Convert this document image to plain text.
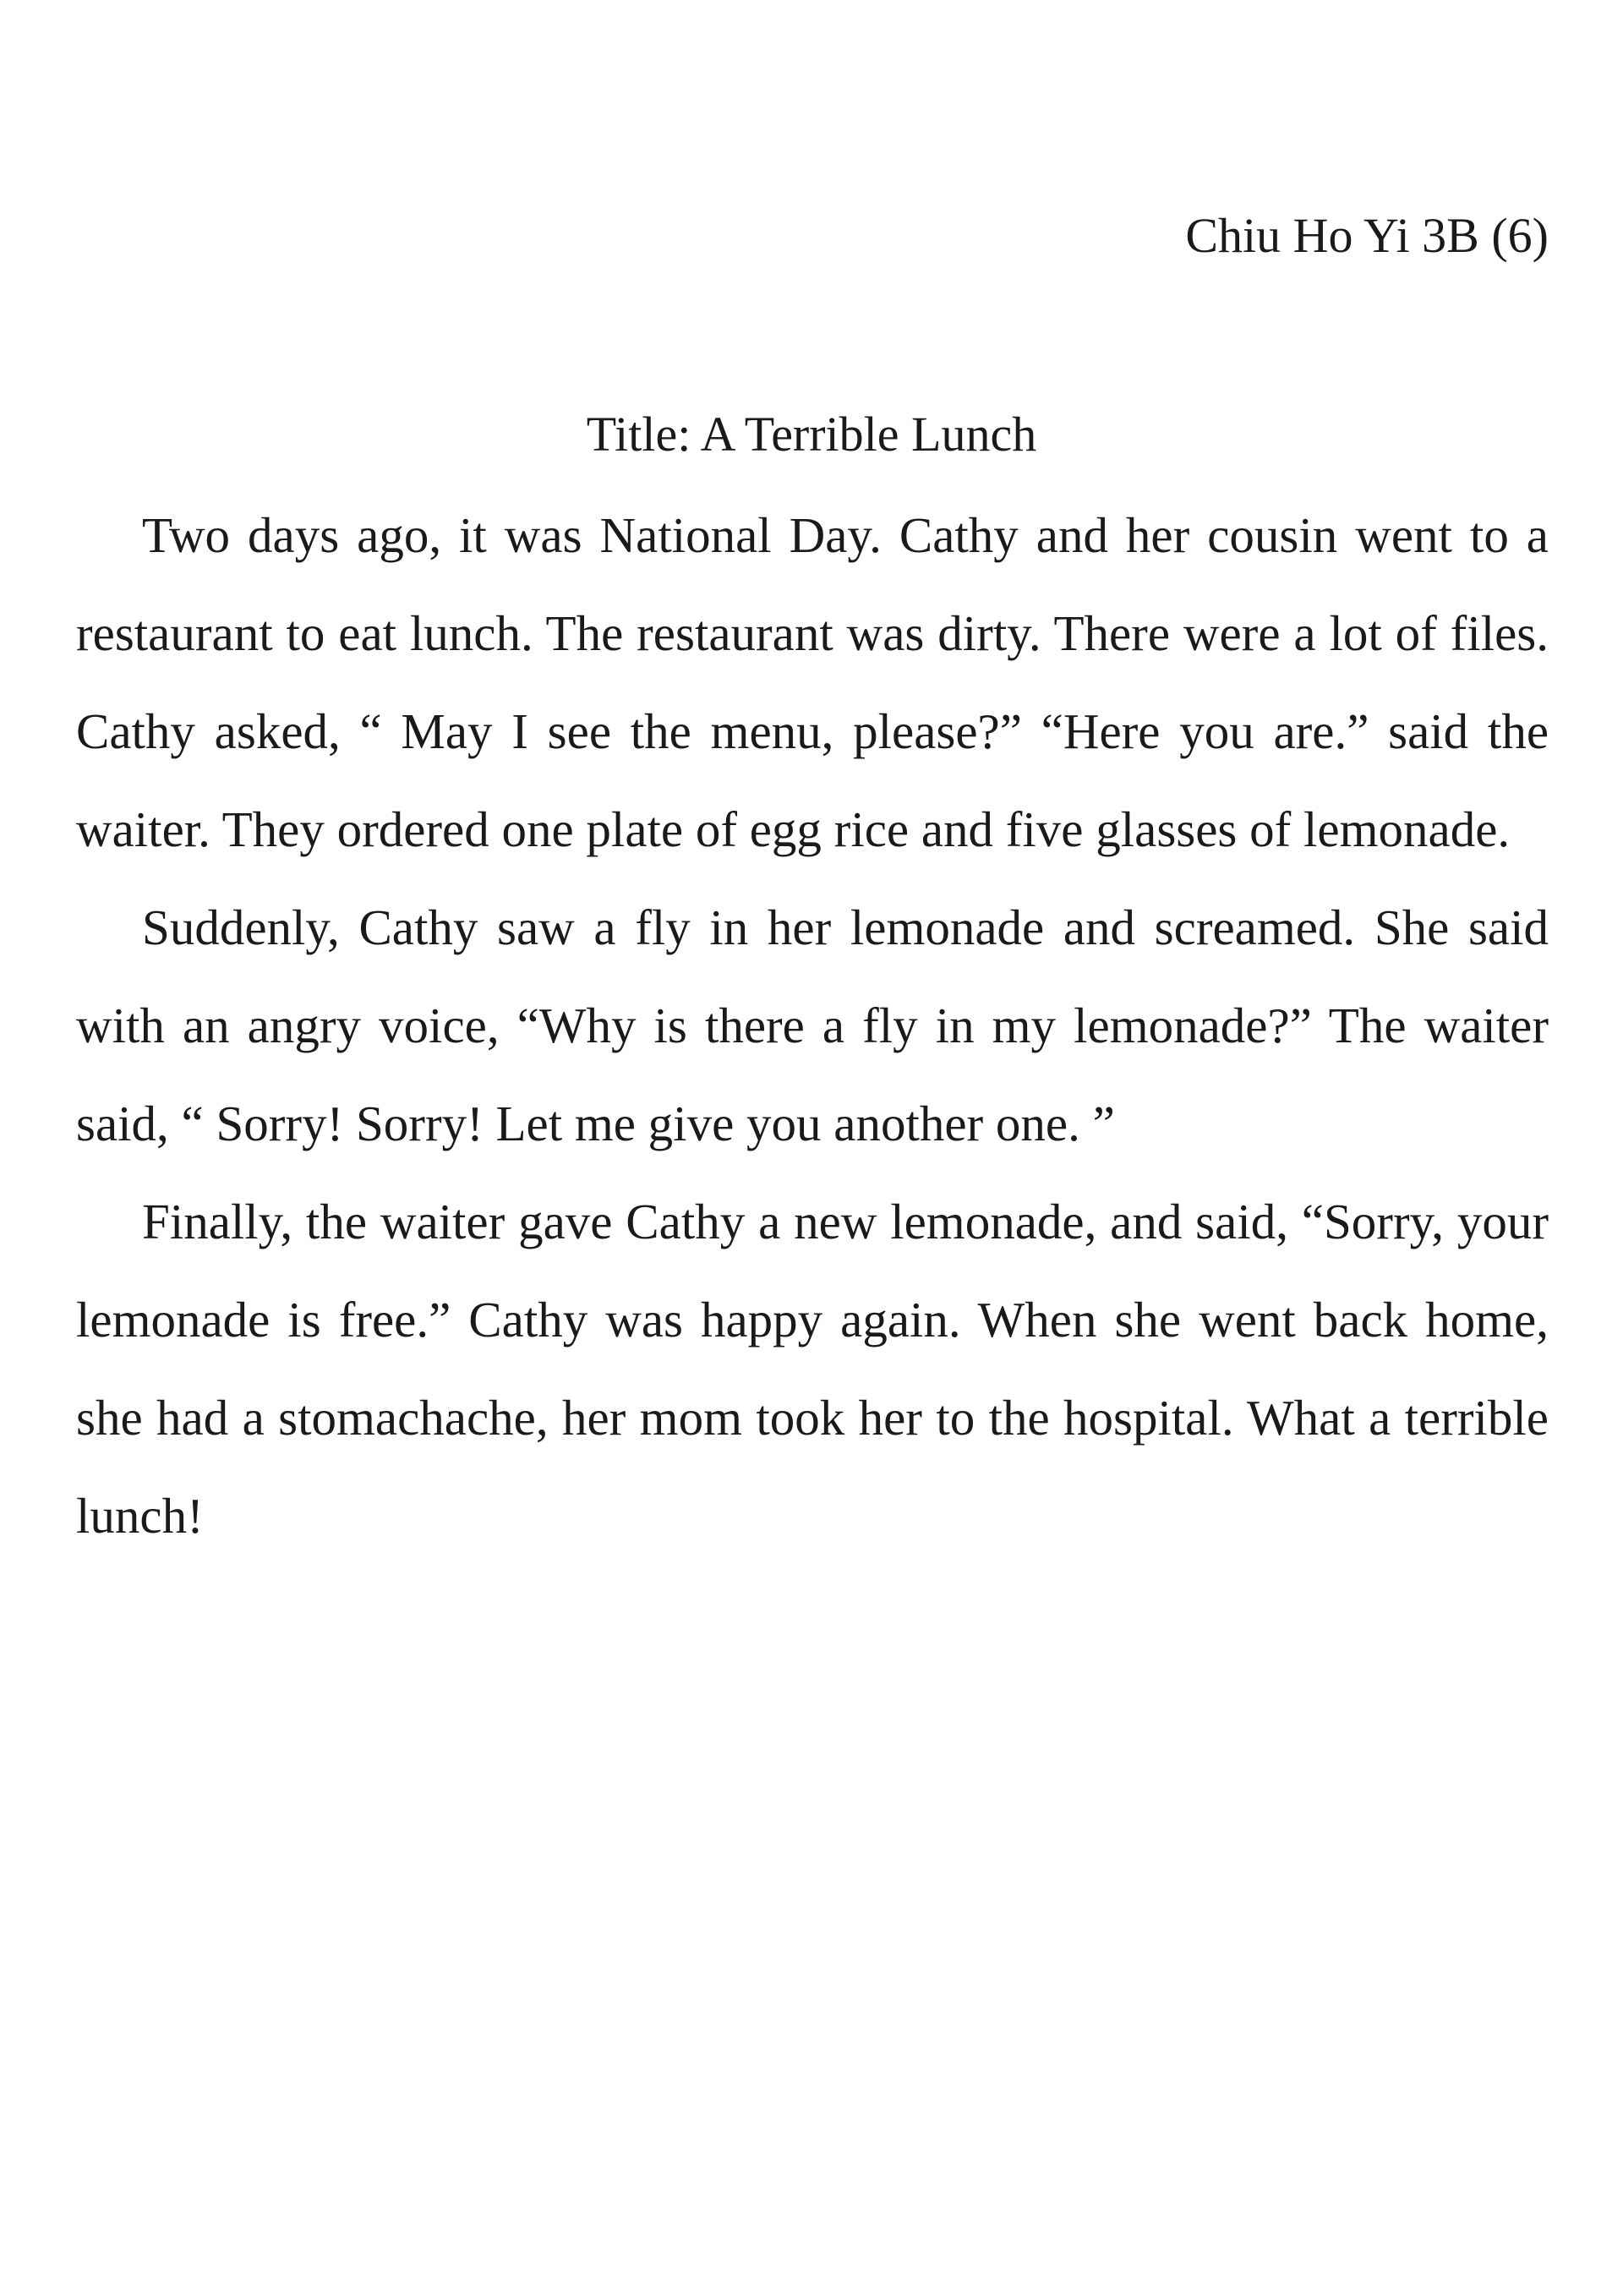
Chiu Ho Yi 3B (6)
Title: A Terrible Lunch

Two days ago, it was National Day. Cathy and her cousin went to a restaurant to eat lunch. The restaurant was dirty. There were a lot of files. Cathy asked, “ May I see the menu, please?” “Here you are.” said the waiter. They ordered one plate of egg rice and five glasses of lemonade.

Suddenly, Cathy saw a fly in her lemonade and screamed. She said with an angry voice, “Why is there a fly in my lemonade?” The waiter said, “ Sorry! Sorry! Let me give you another one. ”

Finally, the waiter gave Cathy a new lemonade, and said, “Sorry, your lemonade is free.” Cathy was happy again. When she went back home, she had a stomachache, her mom took her to the hospital. What a terrible lunch!
